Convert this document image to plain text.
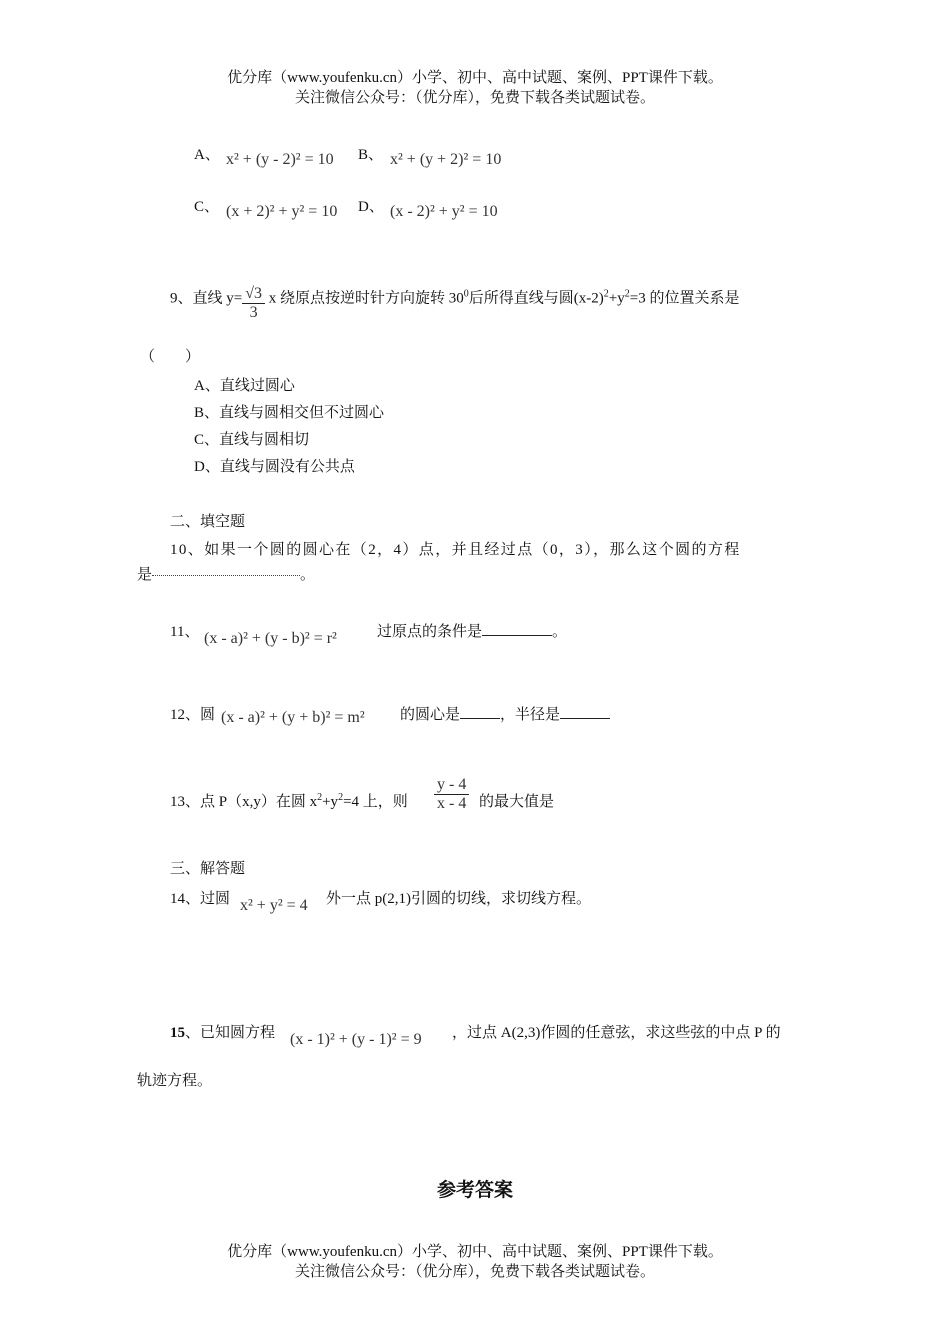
优分库（www.youfenku.cn）小学、初中、高中试题、案例、PPT课件下载。
关注微信公众号：（优分库），免费下载各类试题试卷。
A、 x² + (y - 2)² = 10 B、 x² + (y + 2)² = 10
C、 (x + 2)² + y² = 10 D、 (x - 2)² + y² = 10
9、直线 $y= \frac{√3}{3}$ x 绕原点按逆时针方向旋转 $30^0$后所得直线与圆$(x-2)^2+y^2=3$ 的位置关系是
（　　）
A、直线过圆心
B、直线与圆相交但不过圆心
C、直线与圆相切
D、直线与圆没有公共点
二、填空题
10、如果一个圆的圆心在（2，4）点，并且经过点（0，3），那么这个圆的方程
是	。
11、 (x - a)² + (y - b)² = r²	过原点的条件是	。
12、圆 (x - a)² + (y + b)² = m² 的圆心是	，半径是
13、点 P（x,y）在圆 $x^2+y^2=4$ 上，则 $\frac{y - 4}{x - 4}$ 的最大值是
三、解答题
14、过圆 x² + y² = 4 外一点 p(2,1)引圆的切线，求切线方程。
15、已知圆方程 (x - 1)² + (y - 1)² = 9 ，过点 A(2,3)作圆的任意弦，求这些弦的中点 P 的
轨迹方程。
参考答案
优分库（www.youfenku.cn）小学、初中、高中试题、案例、PPT课件下载。
关注微信公众号：（优分库），免费下载各类试题试卷。
